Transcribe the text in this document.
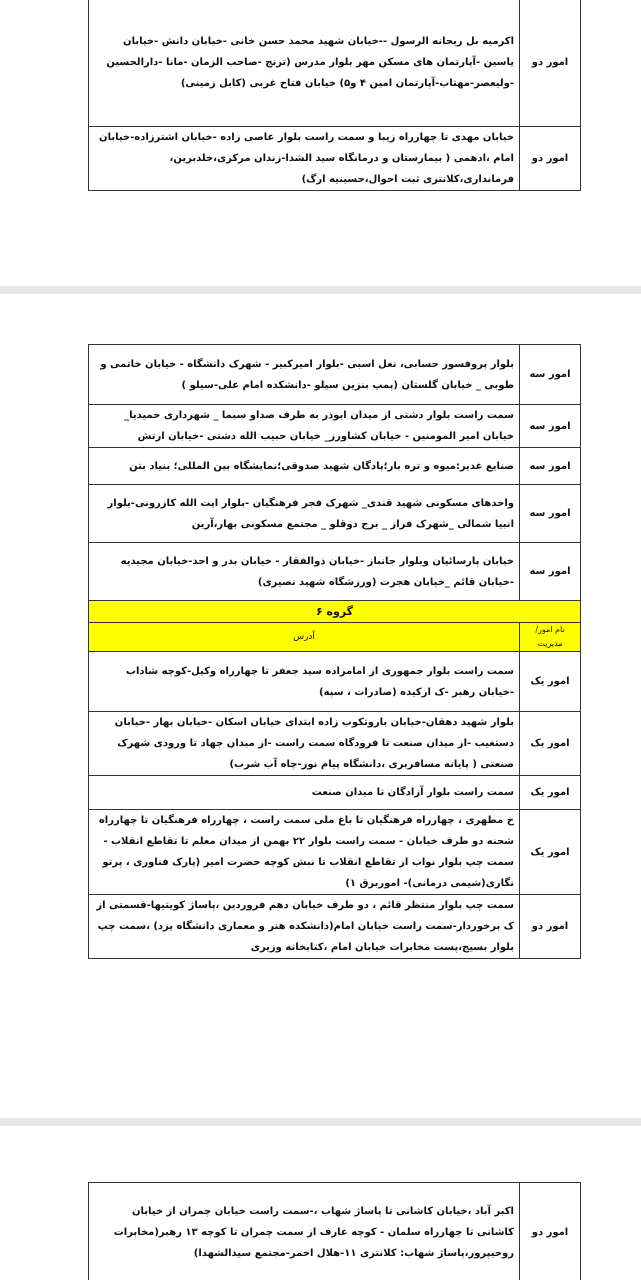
امور دو	اکرمیه بل ریحانه الرسول --خیابان شهید محمد حسن خانی -خیابان دانش -خیابان یاسین -آپارتمان های مسکن مهر بلوار مدرس (ترنج -صاحب الزمان -مانا -دارالحسین -ولیعصر-مهتاب-آپارتمان امین ۴ و۵) خیابان فتاح غربی (کابل زمینی)
امور دو	خیابان مهدی تا چهارراه زیبا و سمت راست بلوار عاصی زاده -خیابان اشترزاده-خیابان امام ،ادهمی ( بیمارستان و درمانگاه سید الشدا-زندان مرکزی،خلدبرین، فرمانداری،کلانتری ثبت احوال،حسینیه ارگ)
امور سه	بلوار پروفسور حسابی، نعل اسبی -بلوار امیرکبیر - شهرک دانشگاه - خیابان خاتمی و طوبی _ خیابان گلستان (پمپ بنزین سیلو -دانشکده امام علی-سیلو )
امور سه	سمت راست بلوار دشتی از میدان ابوذر به طرف صداو سیما _ شهرداری حمیدیا_ خیابان امیر المومنین - خیابان کشاورز_ خیابان حبیب الله دشتی -خیابان ارتش
امور سه	صنایع غدیر:میوه و تره بار؛پادگان شهید صدوقی؛نمایشگاه بین المللی؛ بنیاد بتن
امور سه	واحدهای مسکونی شهید قندی_ شهرک فجر فرهنگیان -بلوار ایت الله کازرونی-بلوار انبیا شمالی _شهرک فراز _ برج دوقلو _ مجتمع مسکونی بهار،آرین
امور سه	خیابان پارسائیان وبلوار جانباز -خیابان ذوالفقار - خیابان بدر و احد-خیابان مجیدیه -خیابان قائم _خیابان هجرت (ورزشگاه شهید نصیری)
گروه ۶	
نام امور/مدیریت	آدرس
امور یک	سمت راست بلوار جمهوری از امامزاده سید جعفر تا چهارراه وکیل-کوچه شاداب -خیابان رهبر -ک ارکیده (صادرات ، سپه)
امور یک	بلوار شهید دهقان-خیابان باروتکوب زاده ابتدای خیابان اسکان -خیابان بهار -خیابان دستغیب -از میدان صنعت تا فرودگاه سمت راست -از میدان جهاد تا ورودی شهرک صنعتی ( پایانه مسافربری ،دانشگاه پیام نور-چاه آب شرب)
امور یک	سمت راست بلوار آزادگان تا میدان صنعت
امور یک	خ مطهری ، چهارراه فرهنگیان تا باغ ملی سمت راست ، چهارراه فرهنگیان تا چهارراه شحنه دو طرف خیابان - سمت راست بلوار ۲۲ بهمن از میدان معلم تا تقاطع انقلاب - سمت چپ بلوار نواب از تقاطع انقلاب تا نبش کوچه حضرت امیر (پارک فناوری ، پرتو نگاری(شیمی درمانی)- اموربرق ۱)
امور دو	سمت چپ بلوار منتظر قائم ، دو طرف خیابان دهم فروردین ،پاساژ کویتیها-قسمتی از ک برخوردار-سمت راست خیابان امام(دانشکده هنر و معماری دانشگاه یزد) ،سمت چپ بلوار بسیج،پست مخابرات خیابان امام ،کتابخانه وزیری
امور دو	اکبر آباد ،خیابان کاشانی تا پاساژ شهاب ،-سمت راست خیابان چمران از خیابان کاشانی تا چهارراه سلمان - کوچه عارف از سمت چمران تا کوچه ۱۳ رهبر(مخابرات روحیپرور،پاساژ شهاب: کلانتری ۱۱-هلال احمر-مجتمع سیدالشهدا)
